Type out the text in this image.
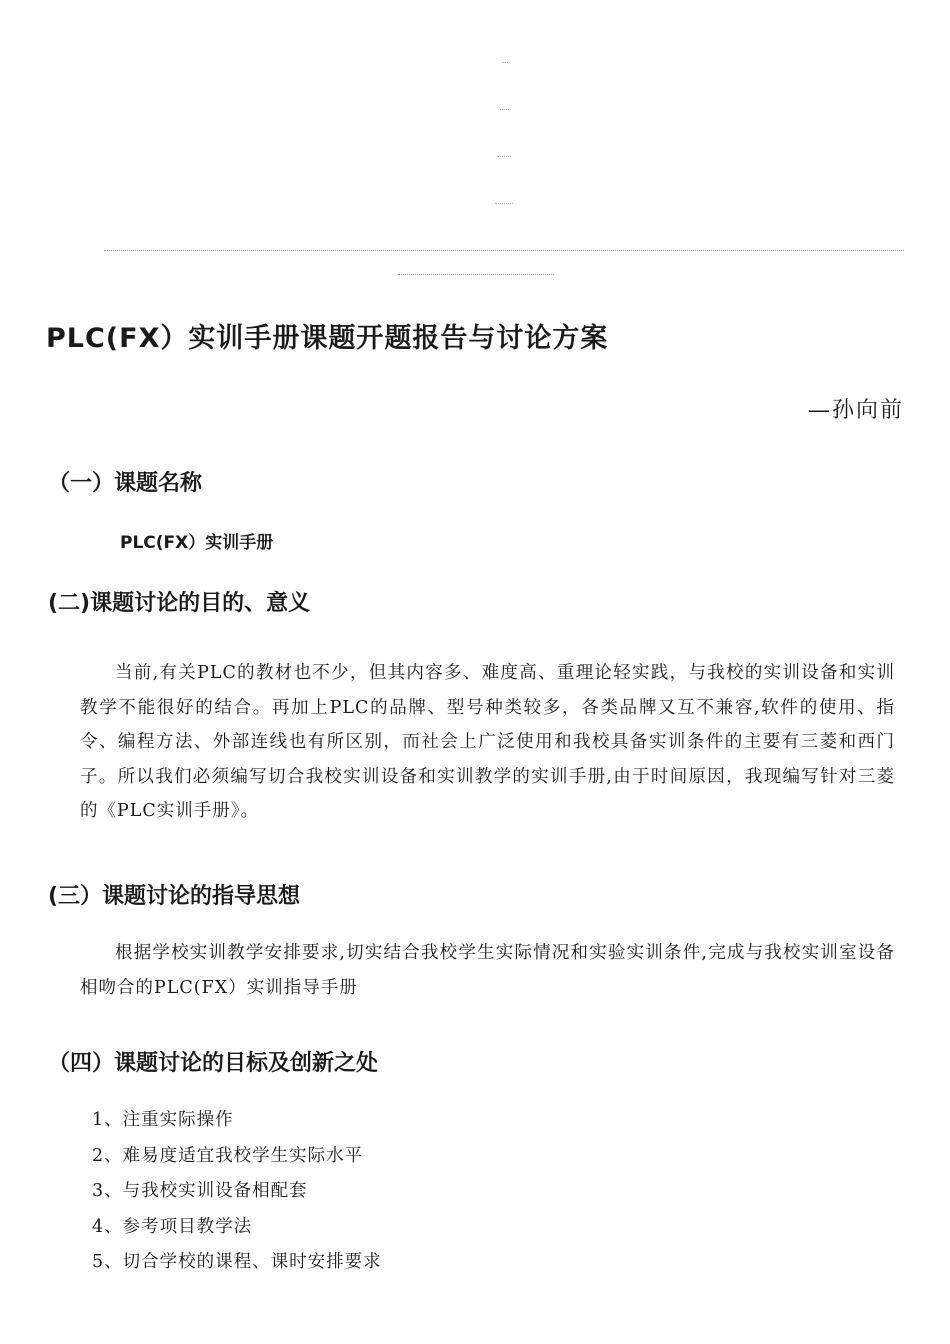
PLC(FX）实训手册课题开题报告与讨论方案
—孙向前
（一）课题名称
PLC(FX）实训手册
(二)课题讨论的目的、意义

当前,有关PLC的教材也不少，但其内容多、难度高、重理论轻实践，与我校的实训设备和实训教学不能很好的结合。再加上PLC的品牌、型号种类较多，各类品牌又互不兼容,软件的使用、指令、编程方法、外部连线也有所区别，而社会上广泛使用和我校具备实训条件的主要有三菱和西门子。所以我们必须编写切合我校实训设备和实训教学的实训手册,由于时间原因，我现编写针对三菱的《PLC实训手册》。

(三）课题讨论的指导思想

根据学校实训教学安排要求,切实结合我校学生实际情况和实验实训条件,完成与我校实训室设备相吻合的PLC(FX）实训指导手册

（四）课题讨论的目标及创新之处
1、注重实际操作
2、难易度适宜我校学生实际水平
3、与我校实训设备相配套
4、参考项目教学法
5、切合学校的课程、课时安排要求
